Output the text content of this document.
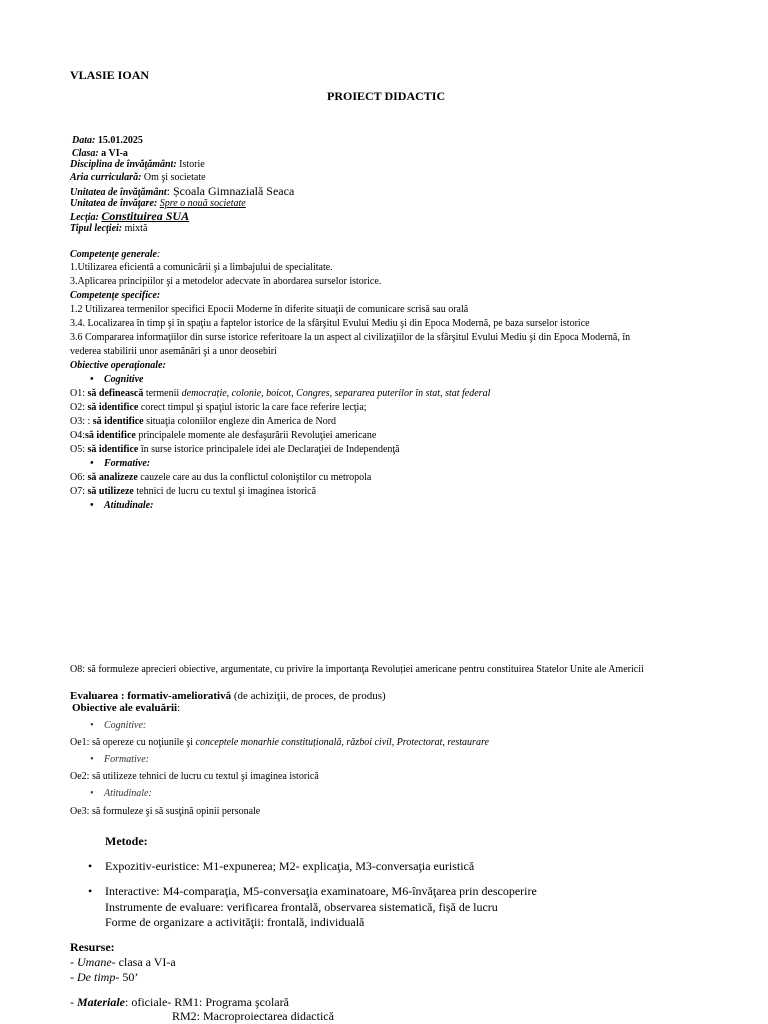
VLASIE IOAN
PROIECT DIDACTIC
Data: 15.01.2025
Clasa: a VI-a
Disciplina de învăţământ: Istorie
Aria curriculară: Om şi societate
Unitatea de învăţământ: Școala Gimnazială Seaca
Unitatea de învăţare: Spre o nouă societate
Lecţia: Constituirea SUA
Tipul lecţiei: mixtă
Competenţe generale:
1.Utilizarea eficientă a comunicării şi a limbajului de specialitate.
3.Aplicarea principiilor şi a metodelor adecvate în abordarea surselor istorice.
Competenţe specifice:
1.2 Utilizarea termenilor specifici Epocii Moderne în diferite situaţii de comunicare scrisă sau orală
3.4. Localizarea în timp şi în spaţiu a faptelor istorice de la sfârşitul Evului Mediu şi din Epoca Modernă, pe baza surselor istorice
3.6 Compararea informaţiilor din surse istorice referitoare la un aspect al civilizaţiilor de la sfârşitul Evului Mediu şi din Epoca Modernă, în
vederea stabilirii unor asemănări şi a unor deosebiri
Obiective operaţionale:
• Cognitive
O1: să definească termenii democrație, colonie, boicot, Congres, separarea puterilor în stat, stat federal
O2: să identifice corect timpul şi spaţiul istoric la care face referire lecţia;
O3: : să identifice situaţia coloniilor engleze din America de Nord
O4:să identifice principalele momente ale desfaşurării Revoluţiei americane
O5: să identifice în surse istorice principalele idei ale Declaraţiei de Independenţă
• Formative:
O6: să analizeze cauzele care au dus la conflictul coloniştilor cu metropola
O7: să utilizeze tehnici de lucru cu textul şi imaginea istorică
• Atitudinale:
O8: să formuleze aprecieri obiective, argumentate, cu privire la importanţa Revoluției americane pentru constituirea Statelor Unite ale Americii
Evaluarea : formativ-ameliorativă (de achiziţii, de proces, de produs)
Obiective ale evaluării:
• Cognitive:
Oe1: să opereze cu noţiunile şi conceptele monarhie constituțională, război civil, Protectorat, restaurare
• Formative:
Oe2: să utilizeze tehnici de lucru cu textul şi imaginea istorică
• Atitudinale:
Oe3: să formuleze şi să susţină opinii personale
Metode:
• Expozitiv-euristice: M1-expunerea; M2- explicaţia, M3-conversaţia euristică
• Interactive: M4-comparaţia, M5-conversaţia examinatoare, M6-învăţarea prin descoperire
Instrumente de evaluare: verificarea frontală, observarea sistematică, fișă de lucru
Forme de organizare a activităţii: frontală, individuală
Resurse:
- Umane- clasa a VI-a
- De timp- 50’
- Materiale: oficiale- RM1: Programa şcolară
RM2: Macroproiectarea didactică
